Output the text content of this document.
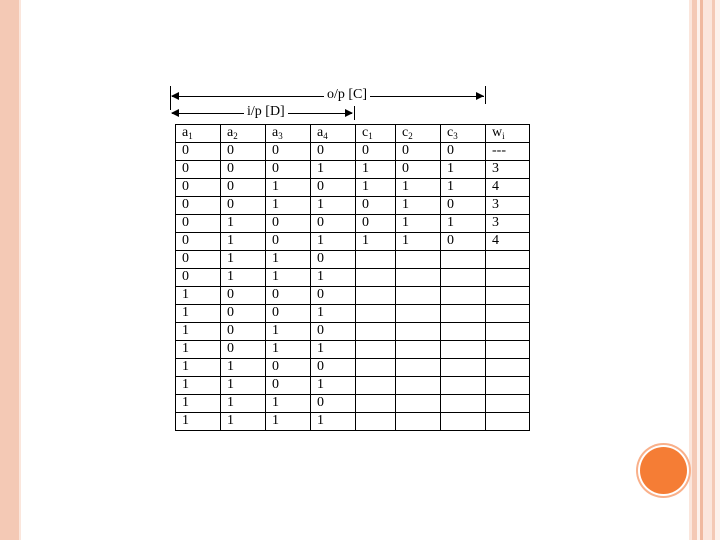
o/p [C]
i/p [D]
$a_1$	$a_2$	$a_3$	$a_4$	$c_1$	$c_2$	$c_3$	$w_i$
0	0	0	0	0	0	0	---
0	0	0	1	1	0	1	3
0	0	1	0	1	1	1	4
0	0	1	1	0	1	0	3
0	1	0	0	0	1	1	3
0	1	0	1	1	1	0	4
0	1	1	0				
0	1	1	1				
1	0	0	0				
1	0	0	1				
1	0	1	0				
1	0	1	1				
1	1	0	0				
1	1	0	1				
1	1	1	0				
1	1	1	1				
